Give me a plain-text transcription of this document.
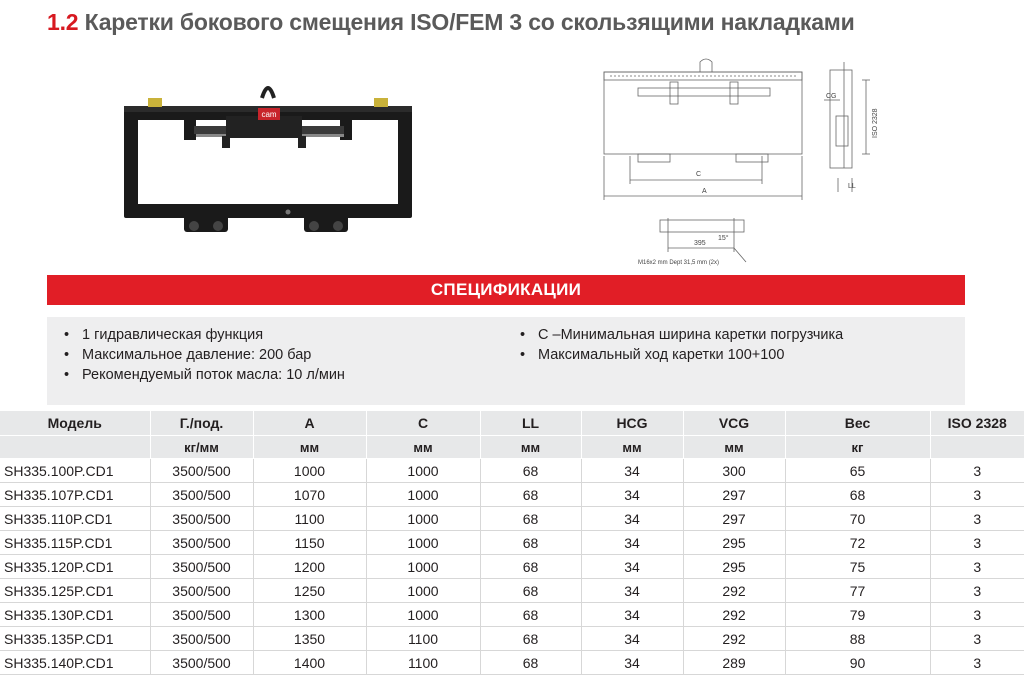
1.2 Каретки бокового смещения ISO/FEM 3 со скользящими накладками
cam
C
A
CG
LL
ISO 2328
395
15°
M16x2 mm Dept 31,5 mm (2x)
СПЕЦИФИКАЦИИ
• 1 гидравлическая функция
• Максимальное давление: 200 бар
• Рекомендуемый поток масла: 10 л/мин
• C –Минимальная ширина каретки погрузчика
• Максимальный ход каретки 100+100
Модель	Г./под.	A	C	LL	HCG	VCG	Вес	ISO 2328
	кг/мм	мм	мм	мм	мм	мм	кг	
SH335.100P.CD1	3500/500	1000	1000	68	34	300	65	3
SH335.107P.CD1	3500/500	1070	1000	68	34	297	68	3
SH335.110P.CD1	3500/500	1100	1000	68	34	297	70	3
SH335.115P.CD1	3500/500	1150	1000	68	34	295	72	3
SH335.120P.CD1	3500/500	1200	1000	68	34	295	75	3
SH335.125P.CD1	3500/500	1250	1000	68	34	292	77	3
SH335.130P.CD1	3500/500	1300	1000	68	34	292	79	3
SH335.135P.CD1	3500/500	1350	1100	68	34	292	88	3
SH335.140P.CD1	3500/500	1400	1100	68	34	289	90	3
